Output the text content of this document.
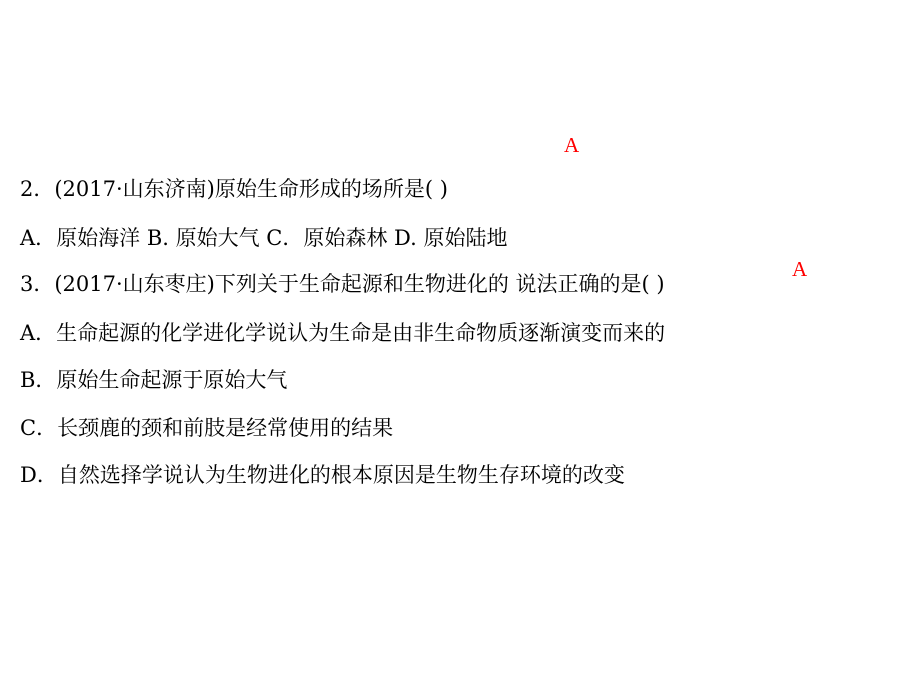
A
2．(2017·山东济南)原始生命形成的场所是( )
A．原始海洋 B. 原始大气 C．原始森林 D. 原始陆地
A
3．(2017·山东枣庄)下列关于生命起源和生物进化的 说法正确的是( )
A．生命起源的化学进化学说认为生命是由非生命物质逐渐演变而来的
B．原始生命起源于原始大气
C．长颈鹿的颈和前肢是经常使用的结果
D．自然选择学说认为生物进化的根本原因是生物生存环境的改变
